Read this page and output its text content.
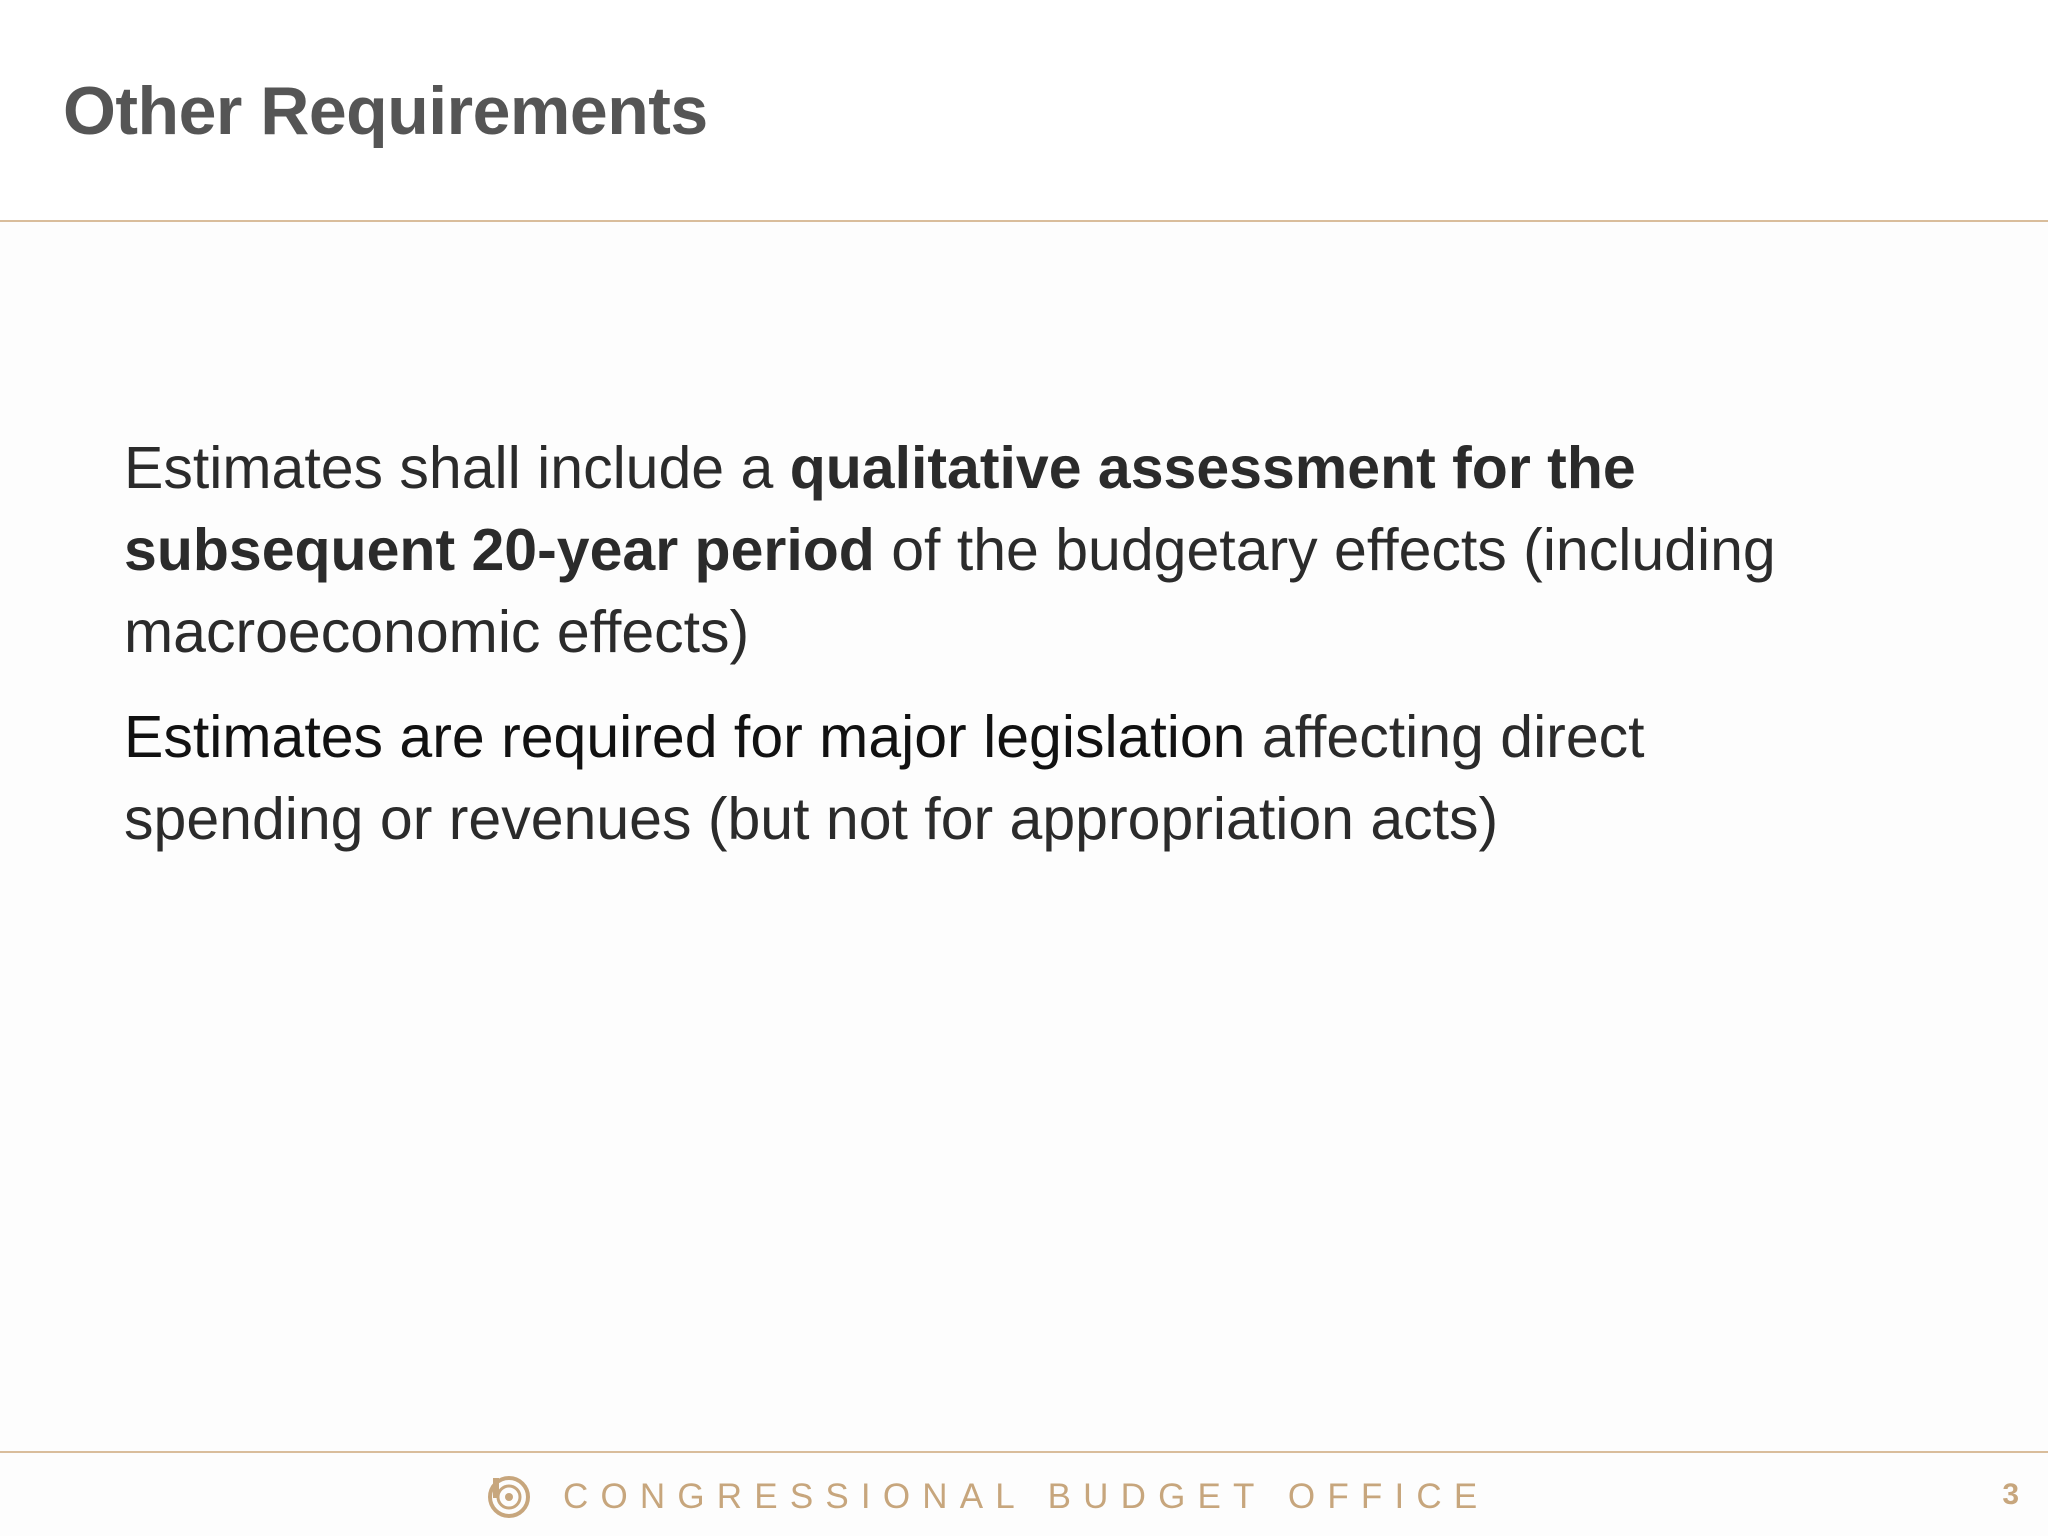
Other Requirements

Estimates shall include a qualitative assessment for the
subsequent 20-year period of the budgetary effects (including
macroeconomic effects)

Estimates are required for major legislation affecting direct
spending or revenues (but not for appropriation acts)

CONGRESSIONAL BUDGET OFFICE	3
